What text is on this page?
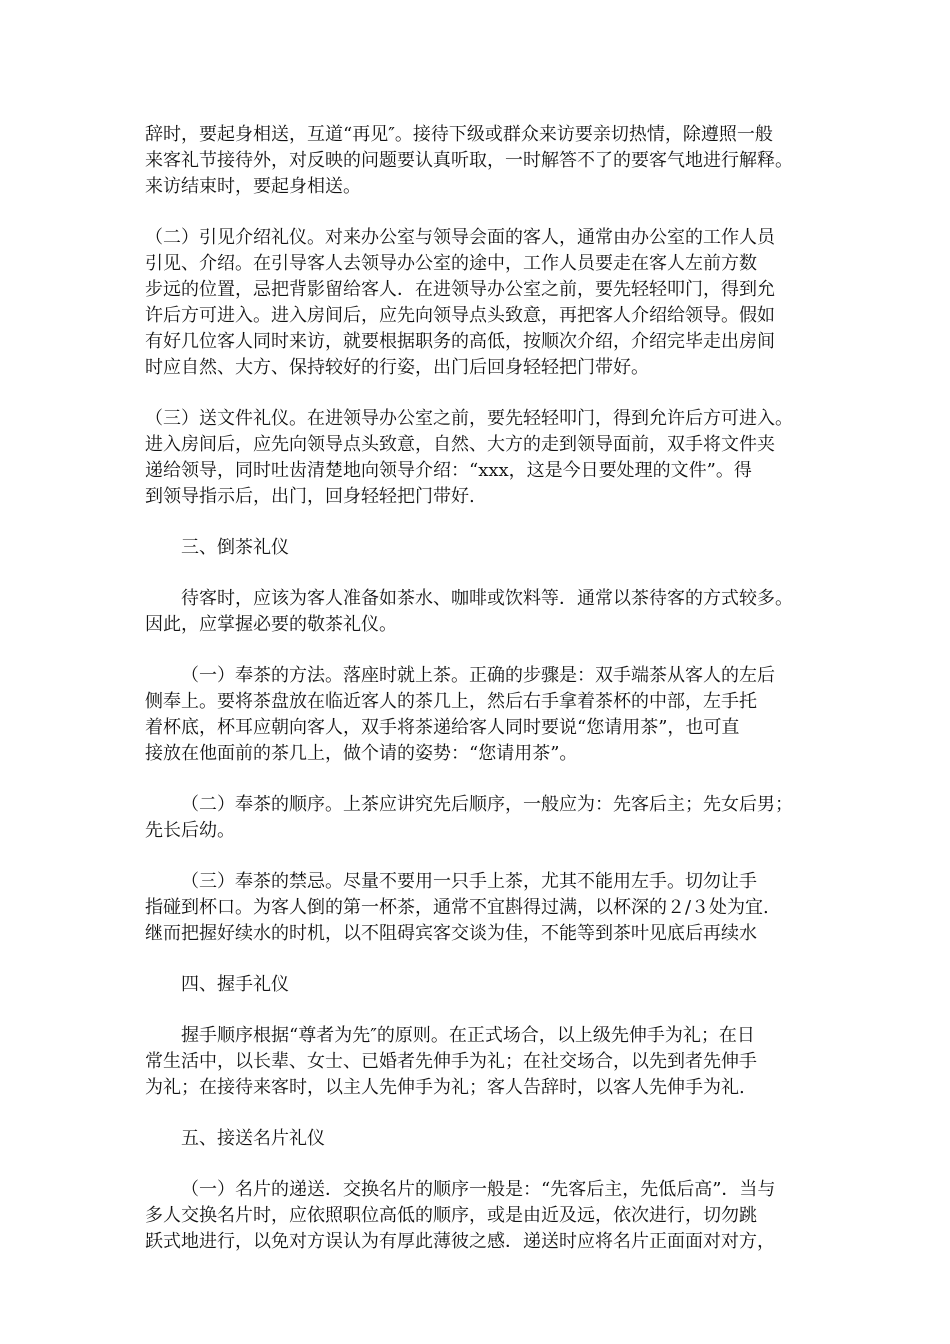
辞时，要起身相送，互道“再见″。接待下级或群众来访要亲切热情，除遵照一般
来客礼节接待外，对反映的问题要认真听取，一时解答不了的要客气地进行解释。
来访结束时，要起身相送。
（二）引见介绍礼仪。对来办公室与领导会面的客人，通常由办公室的工作人员
引见、介绍。在引导客人去领导办公室的途中，工作人员要走在客人左前方数
步远的位置，忌把背影留给客人．在进领导办公室之前，要先轻轻叩门，得到允
许后方可进入。进入房间后，应先向领导点头致意，再把客人介绍给领导。假如
有好几位客人同时来访，就要根据职务的高低，按顺次介绍，介绍完毕走出房间
时应自然、大方、保持较好的行姿，出门后回身轻轻把门带好。
（三）送文件礼仪。在进领导办公室之前，要先轻轻叩门，得到允许后方可进入。
进入房间后，应先向领导点头致意，自然、大方的走到领导面前，双手将文件夹
递给领导，同时吐齿清楚地向领导介绍：“xxx，这是今日要处理的文件”。得
到领导指示后，出门，回身轻轻把门带好.
三、倒茶礼仪
待客时，应该为客人准备如茶水、咖啡或饮料等．通常以茶待客的方式较多。
因此，应掌握必要的敬茶礼仪。
（一）奉茶的方法。落座时就上茶。正确的步骤是：双手端茶从客人的左后
侧奉上。要将茶盘放在临近客人的茶几上，然后右手拿着茶杯的中部，左手托
着杯底，杯耳应朝向客人，双手将茶递给客人同时要说“您请用茶”，也可直
接放在他面前的茶几上，做个请的姿势：“您请用茶”。
（二）奉茶的顺序。上茶应讲究先后顺序，一般应为：先客后主；先女后男；
先长后幼。
（三）奉茶的禁忌。尽量不要用一只手上茶，尤其不能用左手。切勿让手
指碰到杯口。为客人倒的第一杯茶，通常不宜斟得过满，以杯深的２/３处为宜.
继而把握好续水的时机，以不阻碍宾客交谈为佳，不能等到茶叶见底后再续水
四、握手礼仪
握手顺序根据“尊者为先″的原则。在正式场合，以上级先伸手为礼；在日
常生活中，以长辈、女士、已婚者先伸手为礼；在社交场合，以先到者先伸手
为礼；在接待来客时，以主人先伸手为礼；客人告辞时，以客人先伸手为礼.
五、接送名片礼仪
（一）名片的递送．交换名片的顺序一般是：“先客后主，先低后高”．当与
多人交换名片时，应依照职位高低的顺序，或是由近及远，依次进行，切勿跳
跃式地进行，以免对方误认为有厚此薄彼之感．递送时应将名片正面面对对方，
